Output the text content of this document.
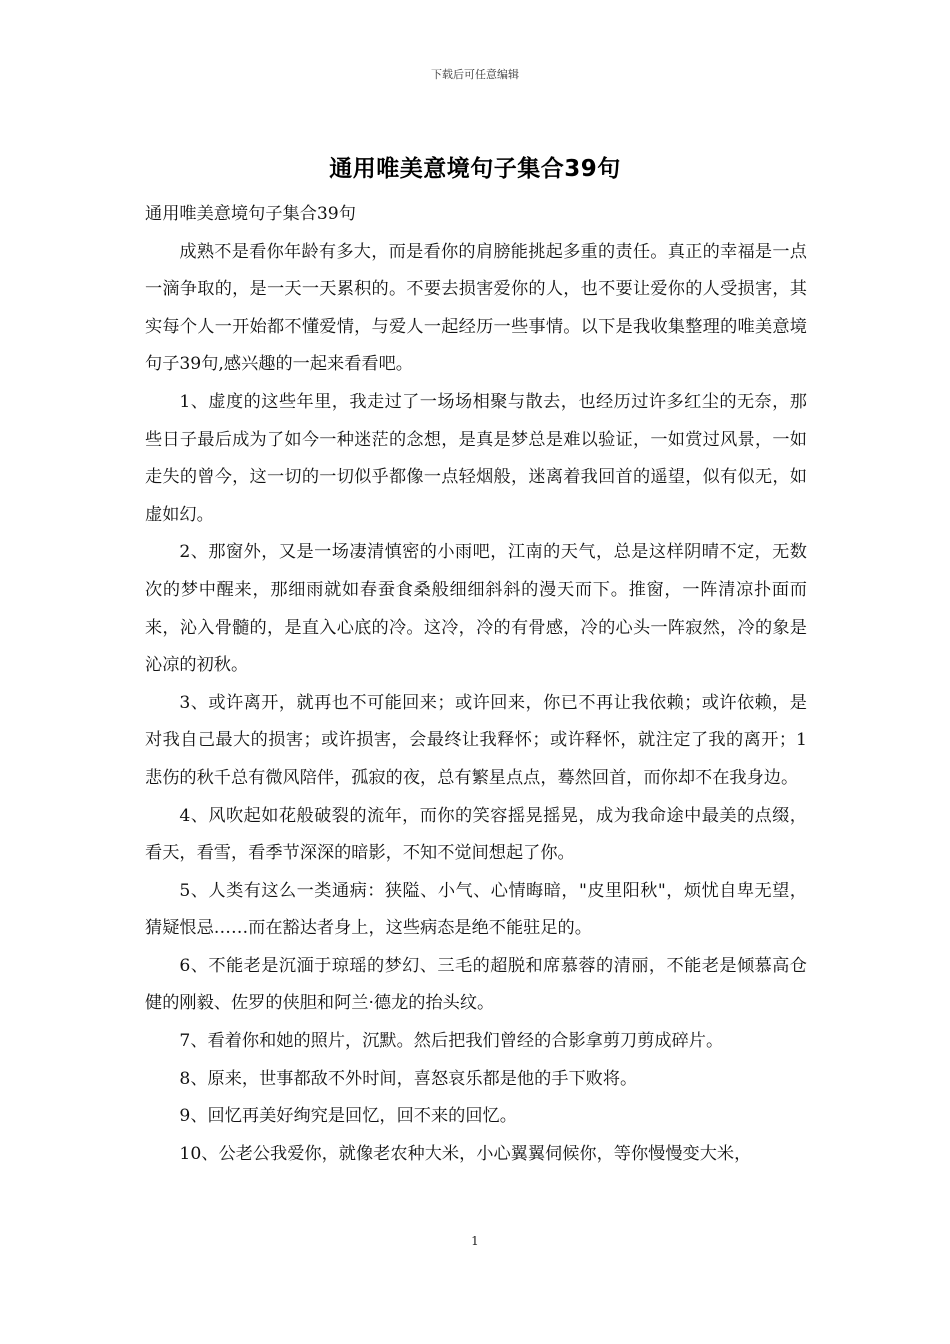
下载后可任意编辑
通用唯美意境句子集合39句

通用唯美意境句子集合39句

成熟不是看你年龄有多大，而是看你的肩膀能挑起多重的责任。真正的幸福是一点一滴争取的，是一天一天累积的。不要去损害爱你的人，也不要让爱你的人受损害，其实每个人一开始都不懂爱情，与爱人一起经历一些事情。以下是我收集整理的唯美意境句子39句,感兴趣的一起来看看吧。

1、虚度的这些年里，我走过了一场场相聚与散去，也经历过许多红尘的无奈，那些日子最后成为了如今一种迷茫的念想，是真是梦总是难以验证，一如赏过风景，一如走失的曾今，这一切的一切似乎都像一点轻烟般，迷离着我回首的遥望，似有似无，如虚如幻。

2、那窗外，又是一场凄清慎密的小雨吧，江南的天气，总是这样阴晴不定，无数次的梦中醒来，那细雨就如春蚕食桑般细细斜斜的漫天而下。推窗，一阵清凉扑面而来，沁入骨髓的，是直入心底的冷。这冷，冷的有骨感，冷的心头一阵寂然，冷的象是沁凉的初秋。

3、或许离开，就再也不可能回来；或许回来，你已不再让我依赖；或许依赖，是对我自己最大的损害；或许损害，会最终让我释怀；或许释怀，就注定了我的离开；1悲伤的秋千总有微风陪伴，孤寂的夜，总有繁星点点，蓦然回首，而你却不在我身边。

4、风吹起如花般破裂的流年，而你的笑容摇晃摇晃，成为我命途中最美的点缀，看天，看雪，看季节深深的暗影，不知不觉间想起了你。

5、人类有这么一类通病：狭隘、小气、心情晦暗，"皮里阳秋"，烦忧自卑无望，猜疑恨忌……而在豁达者身上，这些病态是绝不能驻足的。

6、不能老是沉湎于琼瑶的梦幻、三毛的超脱和席慕蓉的清丽，不能老是倾慕高仓健的刚毅、佐罗的侠胆和阿兰·德龙的抬头纹。

7、看着你和她的照片，沉默。然后把我们曾经的合影拿剪刀剪成碎片。

8、原来，世事都敌不外时间，喜怒哀乐都是他的手下败将。

9、回忆再美好绚究是回忆，回不来的回忆。

10、公老公我爱你，就像老农种大米，小心翼翼伺候你，等你慢慢变大米，

1
